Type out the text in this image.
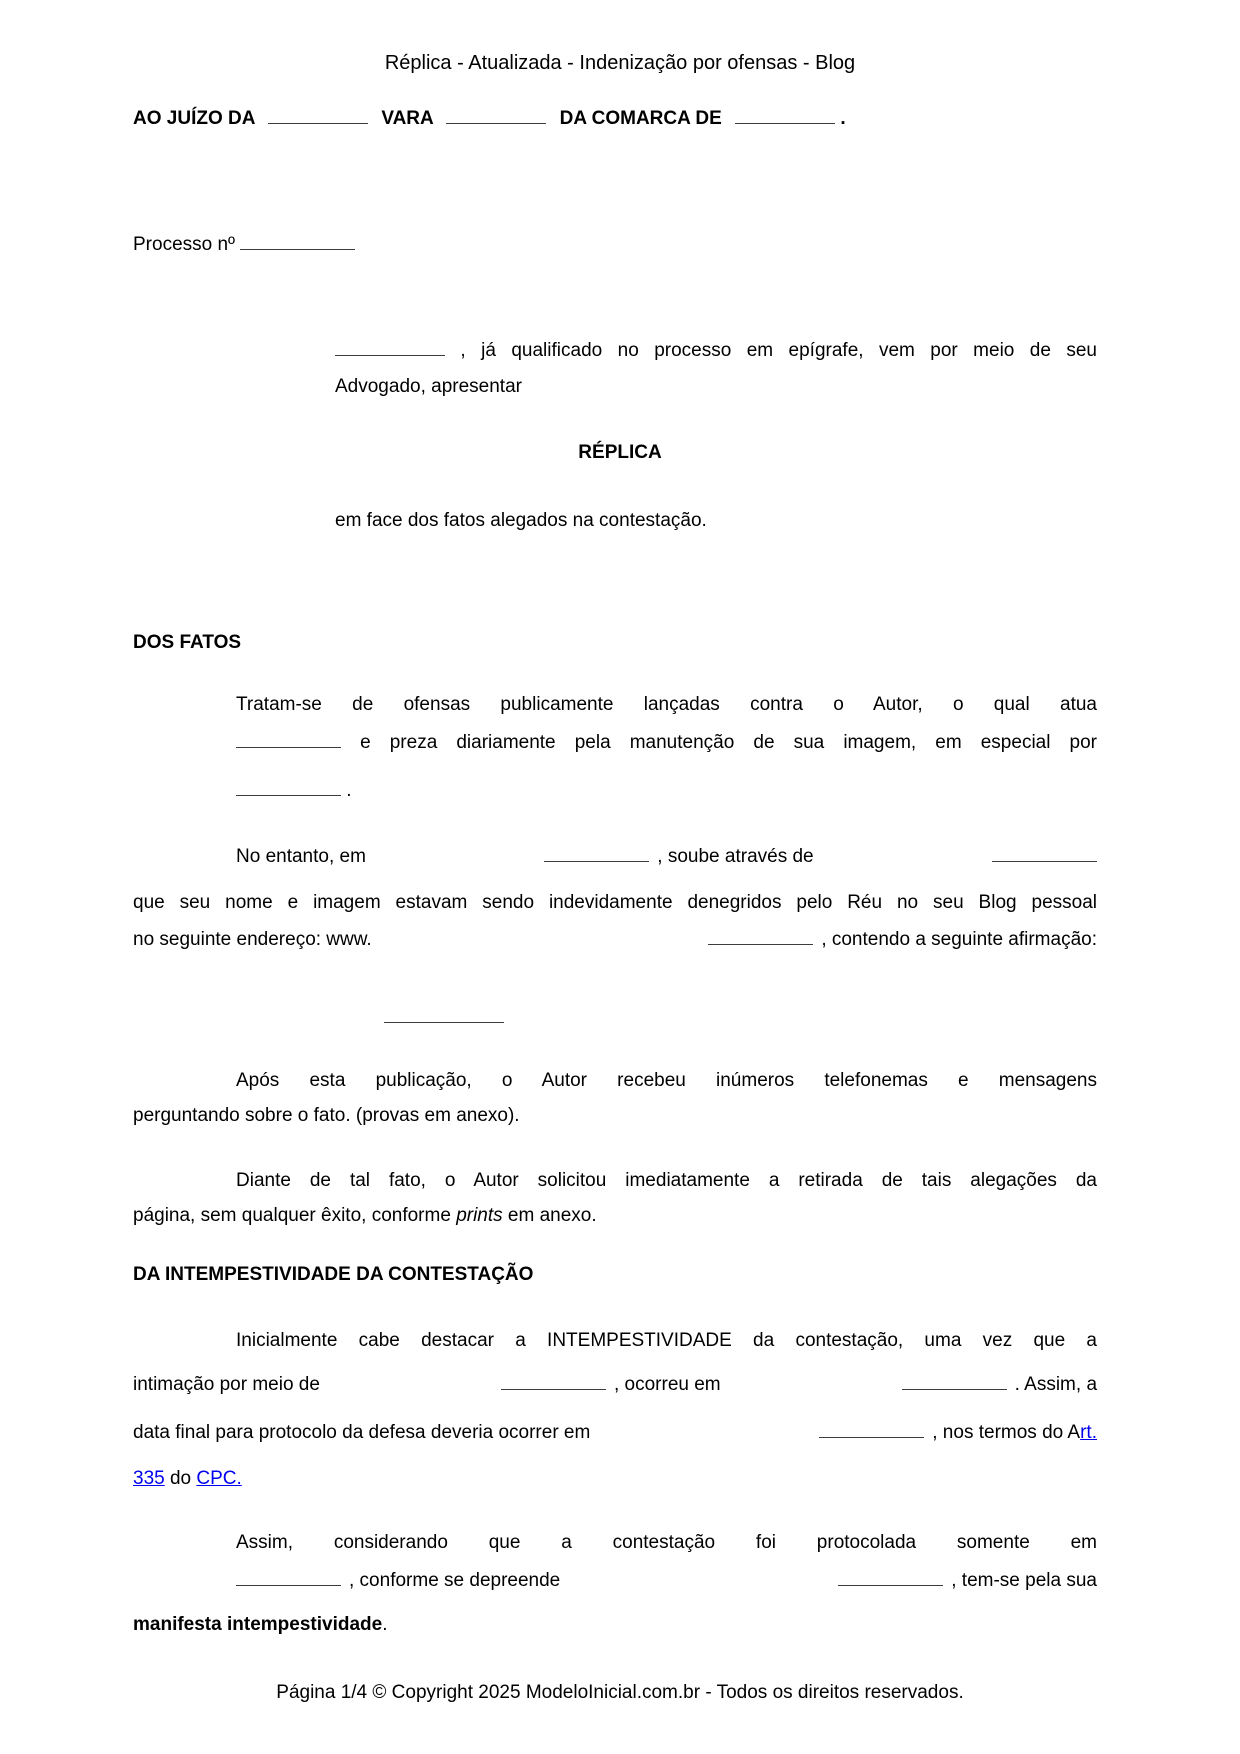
Réplica - Atualizada - Indenização por ofensas - Blog
AO JUÍZO DA	VARA	DA COMARCA DE	.
Processo nº
, já qualificado no processo em epígrafe, vem por meio de seu
Advogado, apresentar
RÉPLICA
em face dos fatos alegados na contestação.
DOS FATOS
Tratam-se de ofensas publicamente lançadas contra o Autor, o qual atua
e preza diariamente pela manutenção de sua imagem, em especial por
.
No entanto, em	, soube através de
que seu nome e imagem estavam sendo indevidamente denegridos pelo Réu no seu Blog pessoal
no seguinte endereço: www.	, contendo a seguinte afirmação:
Após esta publicação, o Autor recebeu inúmeros telefonemas e mensagens
perguntando sobre o fato. (provas em anexo).
Diante de tal fato, o Autor solicitou imediatamente a retirada de tais alegações da
página, sem qualquer êxito, conforme prints em anexo.
DA INTEMPESTIVIDADE DA CONTESTAÇÃO
Inicialmente cabe destacar a INTEMPESTIVIDADE da contestação, uma vez que a
intimação por meio de	, ocorreu em	. Assim, a
data final para protocolo da defesa deveria ocorrer em	, nos termos do Art.
335 do CPC.
Assim, considerando que a contestação foi protocolada somente em
, conforme se depreende	, tem-se pela sua
manifesta intempestividade.
Página 1/4 © Copyright 2025 ModeloInicial.com.br - Todos os direitos reservados.
